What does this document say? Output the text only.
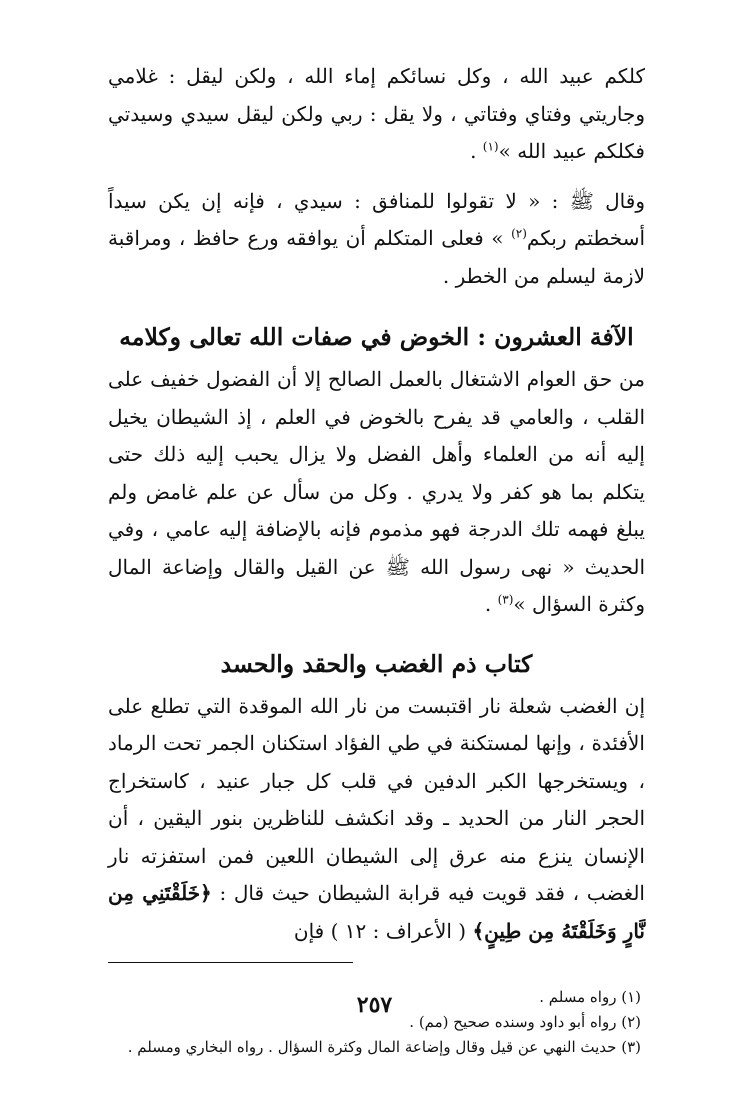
كلكم عبيد الله ، وكل نسائكم إماء الله ، ولكن ليقل : غلامي وجاريتي وفتاي وفتاتي ، ولا يقل : ربي ولكن ليقل سيدي وسيدتي فكلكم عبيد الله »$^{(١)}$ .

وقال ﷺ : « لا تقولوا للمنافق : سيدي ، فإنه إن يكن سيداً أسخطتم ربكم$^{(٢)}$ » فعلى المتكلم أن يوافقه ورع حافظ ، ومراقبة لازمة ليسلم من الخطر .

الآفة العشرون : الخوض في صفات الله تعالى وكلامه

من حق العوام الاشتغال بالعمل الصالح إلا أن الفضول خفيف على القلب ، والعامي قد يفرح بالخوض في العلم ، إذ الشيطان يخيل إليه أنه من العلماء وأهل الفضل ولا يزال يحبب إليه ذلك حتى يتكلم بما هو كفر ولا يدري . وكل من سأل عن علم غامض ولم يبلغ فهمه تلك الدرجة فهو مذموم فإنه بالإضافة إليه عامي ، وفي الحديث « نهى رسول الله ﷺ عن القيل والقال وإضاعة المال وكثرة السؤال »$^{(٣)}$ .

كتاب ذم الغضب والحقد والحسد

إن الغضب شعلة نار اقتبست من نار الله الموقدة التي تطلع على الأفئدة ، وإنها لمستكنة في طي الفؤاد استكنان الجمر تحت الرماد ، ويستخرجها الكبر الدفين في قلب كل جبار عنيد ، كاستخراج الحجر النار من الحديد ـ وقد انكشف للناظرين بنور اليقين ، أن الإنسان ينزع منه عرق إلى الشيطان اللعين فمن استفزته نار الغضب ، فقد قويت فيه قرابة الشيطان حيث قال : ﴿خَلَقْتَنِي مِن نَّارٍ وَخَلَقْتَهُ مِن طِينٍ﴾ ( الأعراف : ١٢ ) فإن

(١) رواه مسلم .

(٢) رواه أبو داود وسنده صحيح (مم) .

(٣) حديث النهي عن قيل وقال وإضاعة المال وكثرة السؤال . رواه البخاري ومسلم .

٢٥٧
